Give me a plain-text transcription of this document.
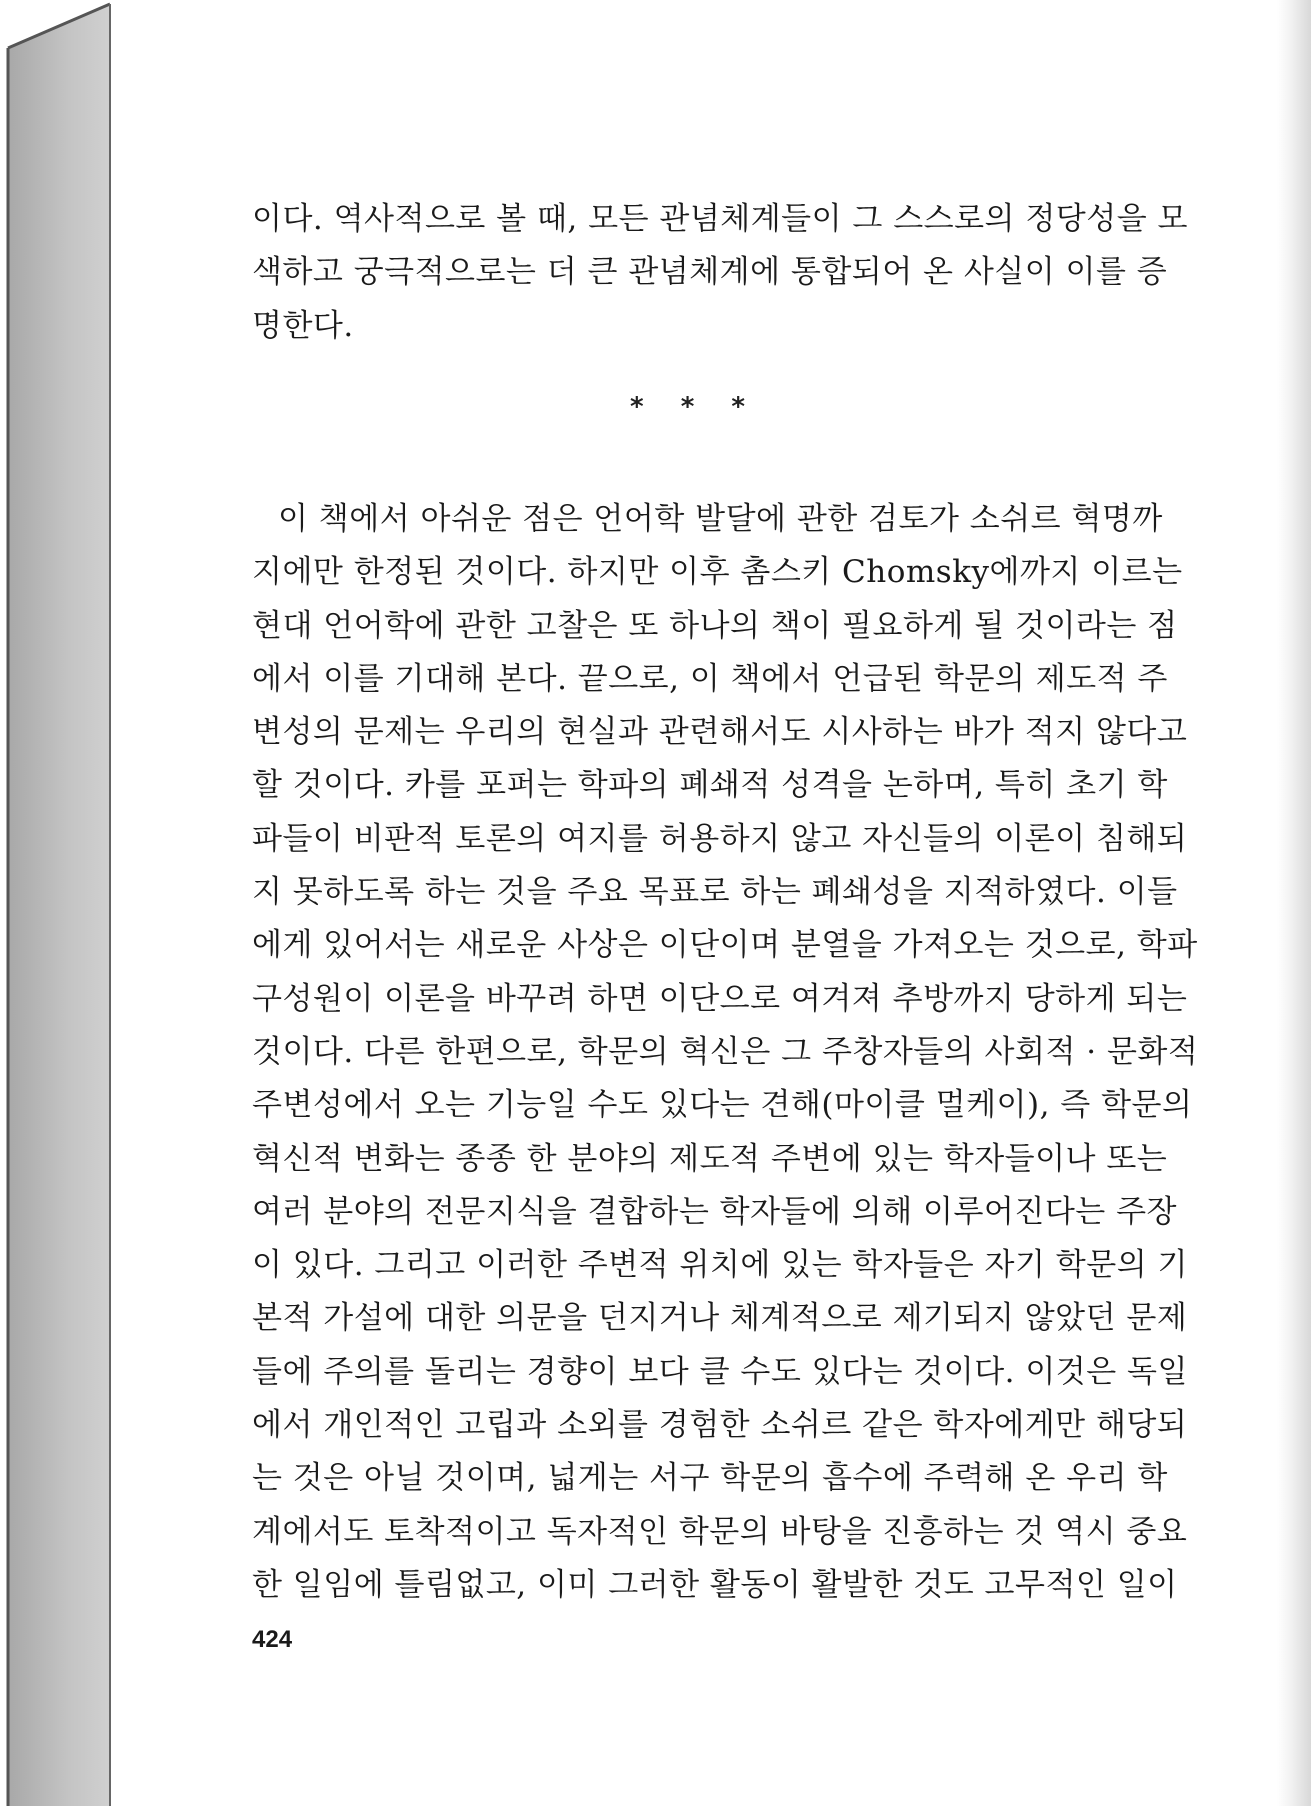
이다. 역사적으로 볼 때, 모든 관념체계들이 그 스스로의 정당성을 모
색하고 궁극적으로는 더 큰 관념체계에 통합되어 온 사실이 이를 증
명한다.
* * *
이 책에서 아쉬운 점은 언어학 발달에 관한 검토가 소쉬르 혁명까
지에만 한정된 것이다. 하지만 이후 촘스키 Chomsky에까지 이르는
현대 언어학에 관한 고찰은 또 하나의 책이 필요하게 될 것이라는 점
에서 이를 기대해 본다. 끝으로, 이 책에서 언급된 학문의 제도적 주
변성의 문제는 우리의 현실과 관련해서도 시사하는 바가 적지 않다고
할 것이다. 카를 포퍼는 학파의 폐쇄적 성격을 논하며, 특히 초기 학
파들이 비판적 토론의 여지를 허용하지 않고 자신들의 이론이 침해되
지 못하도록 하는 것을 주요 목표로 하는 폐쇄성을 지적하였다. 이들
에게 있어서는 새로운 사상은 이단이며 분열을 가져오는 것으로, 학파
구성원이 이론을 바꾸려 하면 이단으로 여겨져 추방까지 당하게 되는
것이다. 다른 한편으로, 학문의 혁신은 그 주창자들의 사회적 · 문화적
주변성에서 오는 기능일 수도 있다는 견해(마이클 멀케이), 즉 학문의
혁신적 변화는 종종 한 분야의 제도적 주변에 있는 학자들이나 또는
여러 분야의 전문지식을 결합하는 학자들에 의해 이루어진다는 주장
이 있다. 그리고 이러한 주변적 위치에 있는 학자들은 자기 학문의 기
본적 가설에 대한 의문을 던지거나 체계적으로 제기되지 않았던 문제
들에 주의를 돌리는 경향이 보다 클 수도 있다는 것이다. 이것은 독일
에서 개인적인 고립과 소외를 경험한 소쉬르 같은 학자에게만 해당되
는 것은 아닐 것이며, 넓게는 서구 학문의 흡수에 주력해 온 우리 학
계에서도 토착적이고 독자적인 학문의 바탕을 진흥하는 것 역시 중요
한 일임에 틀림없고, 이미 그러한 활동이 활발한 것도 고무적인 일이
424
